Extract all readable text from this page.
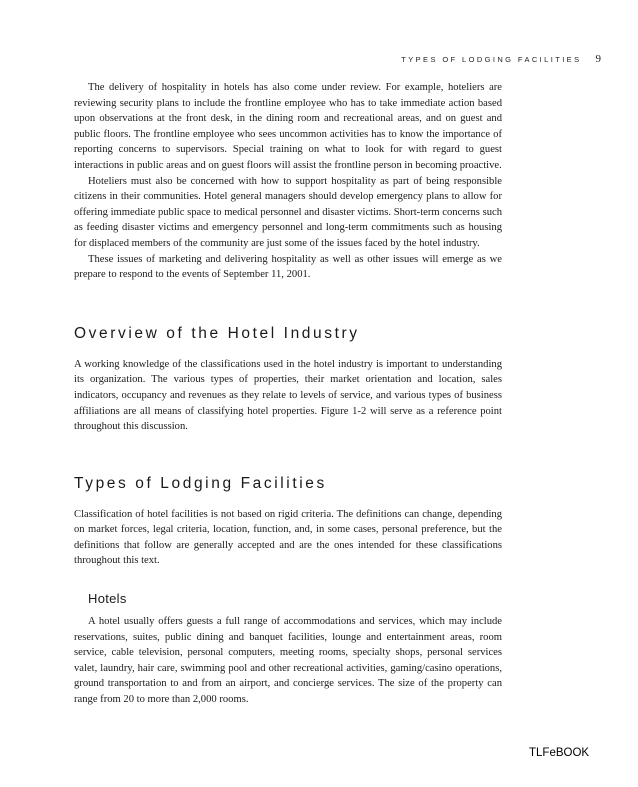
TYPES OF LODGING FACILITIES 9

The delivery of hospitality in hotels has also come under review. For example, hoteliers are reviewing security plans to include the frontline employee who has to take immediate action based upon observations at the front desk, in the dining room and recreational areas, and on guest and public floors. The frontline employee who sees uncommon activities has to know the importance of reporting concerns to supervisors. Special training on what to look for with regard to guest interactions in public areas and on guest floors will assist the frontline person in becoming proactive.

Hoteliers must also be concerned with how to support hospitality as part of being responsible citizens in their communities. Hotel general managers should develop emergency plans to allow for offering immediate public space to medical personnel and disaster victims. Short-term concerns such as feeding disaster victims and emergency personnel and long-term commitments such as housing for displaced members of the community are just some of the issues faced by the hotel industry.

These issues of marketing and delivering hospitality as well as other issues will emerge as we prepare to respond to the events of September 11, 2001.

Overview of the Hotel Industry

A working knowledge of the classifications used in the hotel industry is important to understanding its organization. The various types of properties, their market orientation and location, sales indicators, occupancy and revenues as they relate to levels of service, and various types of business affiliations are all means of classifying hotel properties. Figure 1-2 will serve as a reference point throughout this discussion.

Types of Lodging Facilities

Classification of hotel facilities is not based on rigid criteria. The definitions can change, depending on market forces, legal criteria, location, function, and, in some cases, personal preference, but the definitions that follow are generally accepted and are the ones intended for these classifications throughout this text.

Hotels

A hotel usually offers guests a full range of accommodations and services, which may include reservations, suites, public dining and banquet facilities, lounge and entertainment areas, room service, cable television, personal computers, meeting rooms, specialty shops, personal services valet, laundry, hair care, swimming pool and other recreational activities, gaming/casino operations, ground transportation to and from an airport, and concierge services. The size of the property can range from 20 to more than 2,000 rooms.

TLFeBOOK
